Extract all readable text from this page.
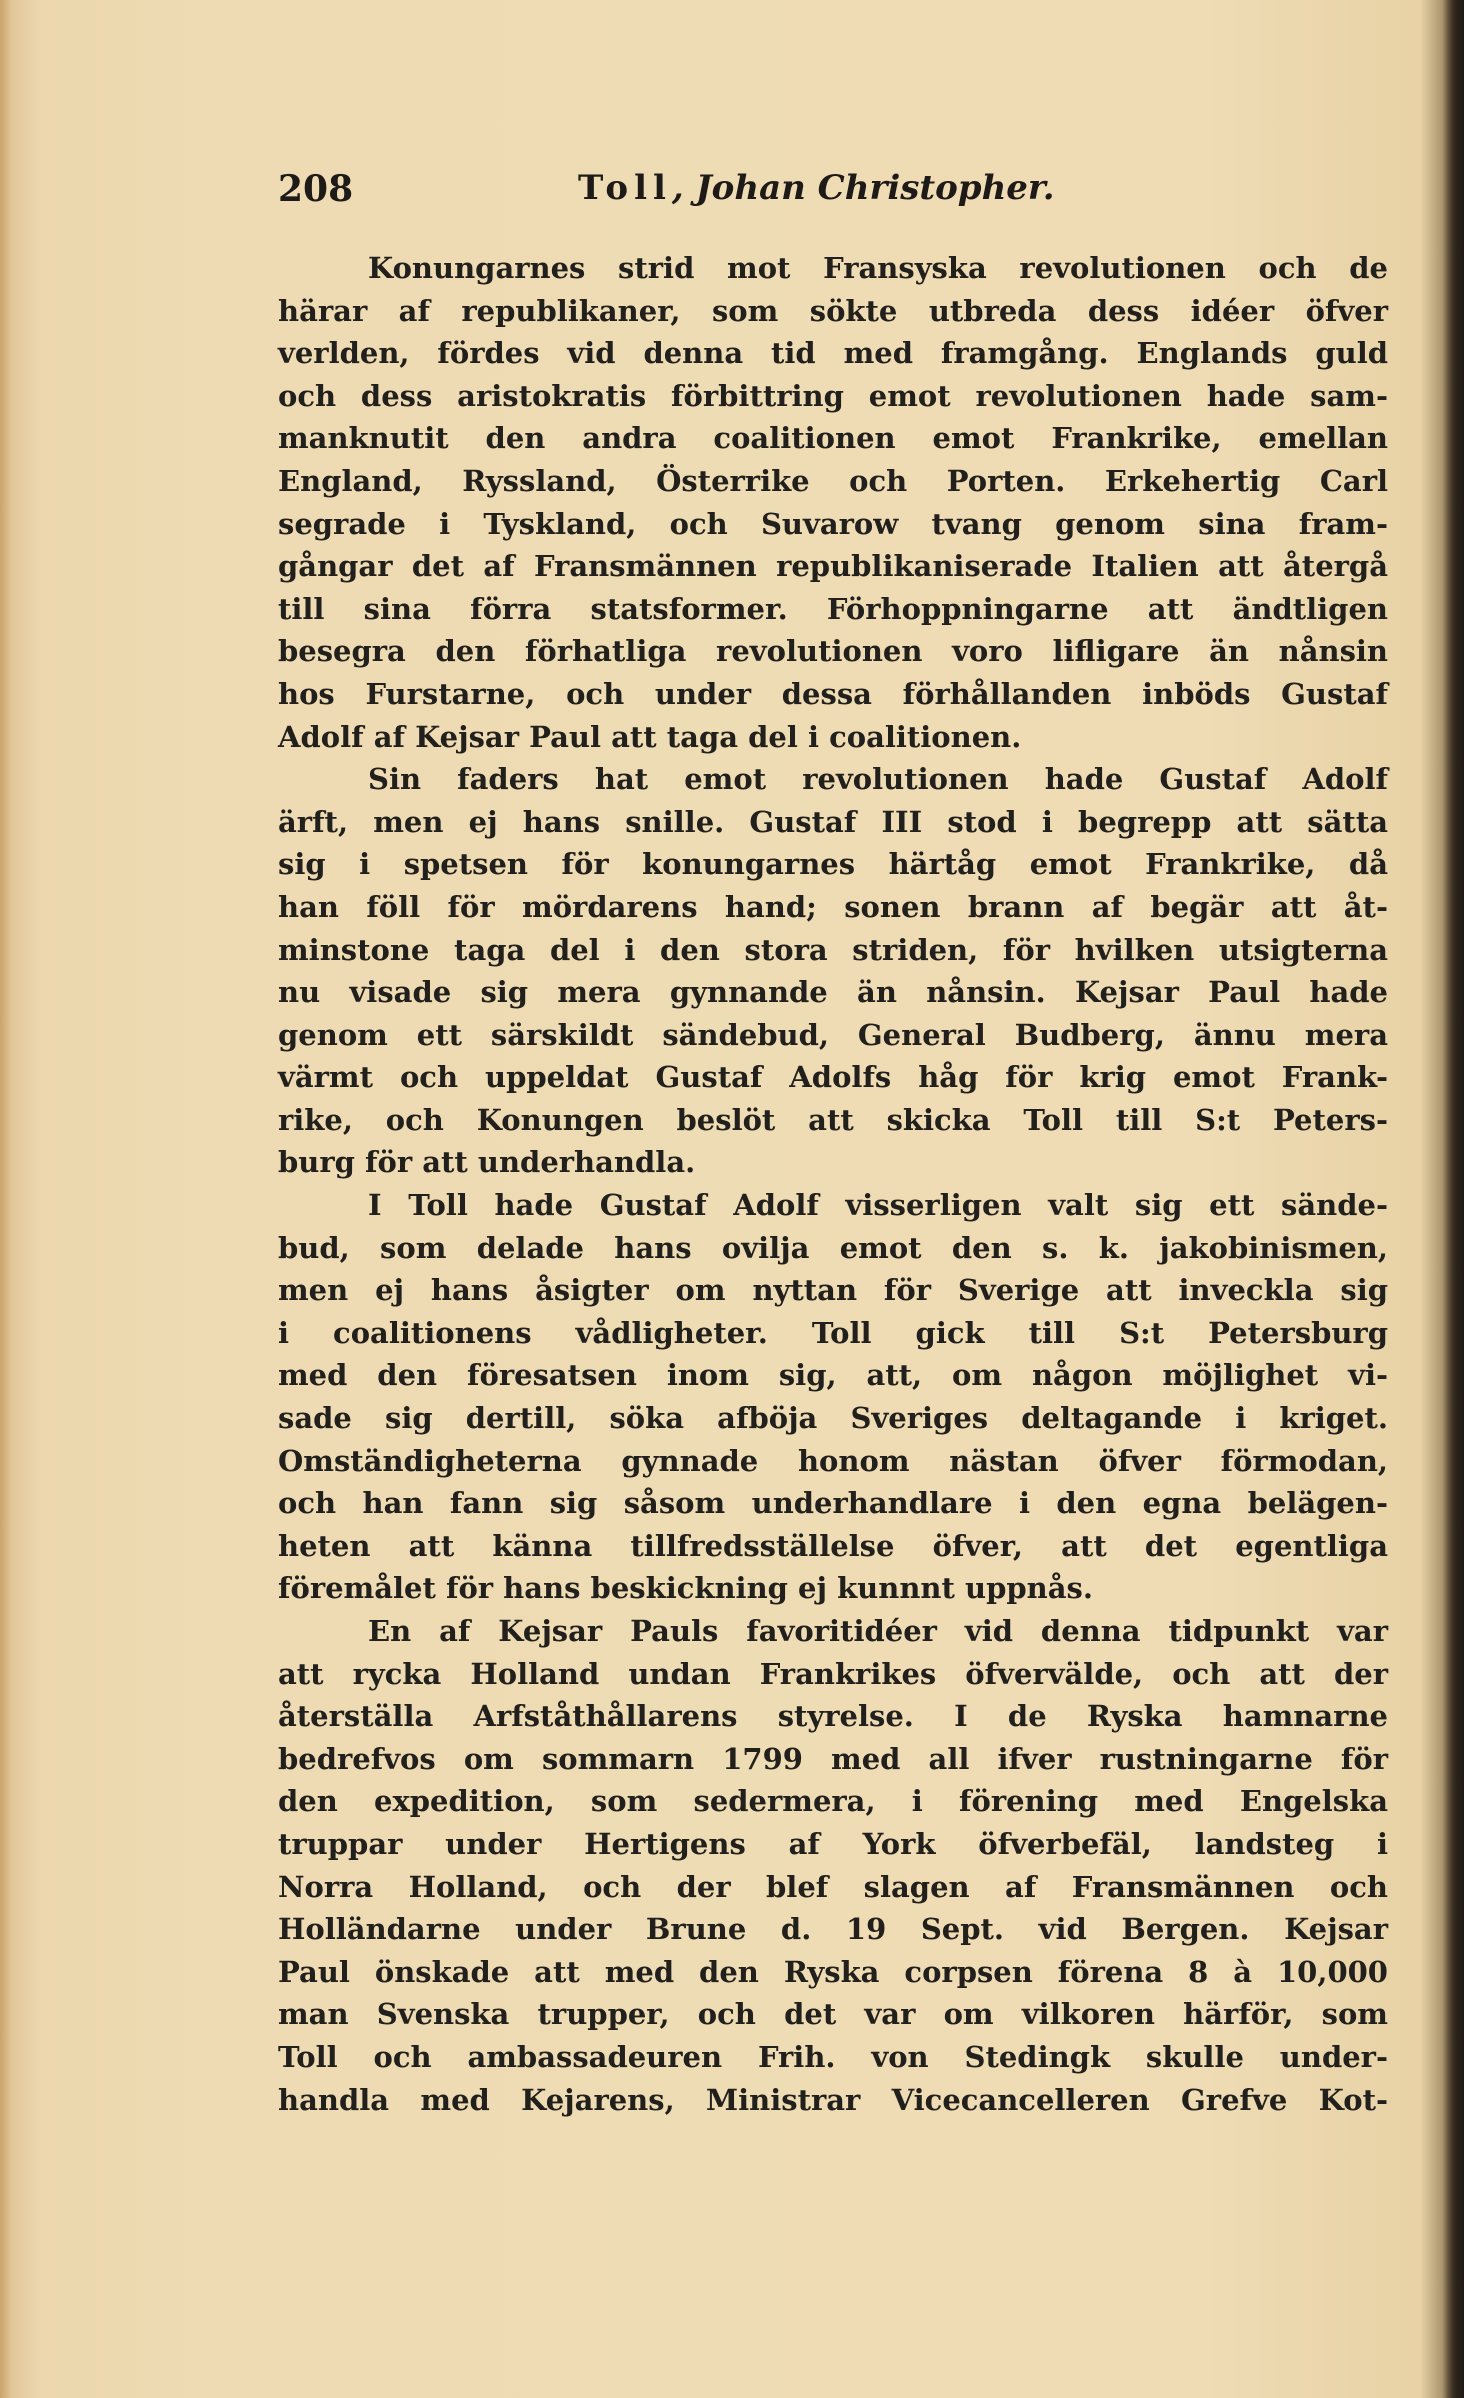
208	Toll, Johan Christopher.
Konungarnes strid mot Fransyska revolutionen och de
härar af republikaner, som sökte utbreda dess idéer öfver
verlden, fördes vid denna tid med framgång. Englands guld
och dess aristokratis förbittring emot revolutionen hade sam-
manknutit den andra coalitionen emot Frankrike, emellan
England, Ryssland, Österrike och Porten. Erkehertig Carl
segrade i Tyskland, och Suvarow tvang genom sina fram-
gångar det af Fransmännen republikaniserade Italien att återgå
till sina förra statsformer. Förhoppningarne att ändtligen
besegra den förhatliga revolutionen voro lifligare än nånsin
hos Furstarne, och under dessa förhållanden inböds Gustaf
Adolf af Kejsar Paul att taga del i coalitionen.
Sin faders hat emot revolutionen hade Gustaf Adolf
ärft, men ej hans snille. Gustaf III stod i begrepp att sätta
sig i spetsen för konungarnes härtåg emot Frankrike, då
han föll för mördarens hand; sonen brann af begär att åt-
minstone taga del i den stora striden, för hvilken utsigterna
nu visade sig mera gynnande än nånsin. Kejsar Paul hade
genom ett särskildt sändebud, General Budberg, ännu mera
värmt och uppeldat Gustaf Adolfs håg för krig emot Frank-
rike, och Konungen beslöt att skicka Toll till S:t Peters-
burg för att underhandla.
I Toll hade Gustaf Adolf visserligen valt sig ett sände-
bud, som delade hans ovilja emot den s. k. jakobinismen,
men ej hans åsigter om nyttan för Sverige att inveckla sig
i coalitionens vådligheter. Toll gick till S:t Petersburg
med den föresatsen inom sig, att, om någon möjlighet vi-
sade sig dertill, söka afböja Sveriges deltagande i kriget.
Omständigheterna gynnade honom nästan öfver förmodan,
och han fann sig såsom underhandlare i den egna belägen-
heten att känna tillfredsställelse öfver, att det egentliga
föremålet för hans beskickning ej kunnnt uppnås.
En af Kejsar Pauls favoritidéer vid denna tidpunkt var
att rycka Holland undan Frankrikes öfvervälde, och att der
återställa Arfståthållarens styrelse. I de Ryska hamnarne
bedrefvos om sommarn 1799 med all ifver rustningarne för
den expedition, som sedermera, i förening med Engelska
truppar under Hertigens af York öfverbefäl, landsteg i
Norra Holland, och der blef slagen af Fransmännen och
Holländarne under Brune d. 19 Sept. vid Bergen. Kejsar
Paul önskade att med den Ryska corpsen förena 8 à 10,000
man Svenska trupper, och det var om vilkoren härför, som
Toll och ambassadeuren Frih. von Stedingk skulle under-
handla med Kejarens, Ministrar Vicecancelleren Grefve Kot-
